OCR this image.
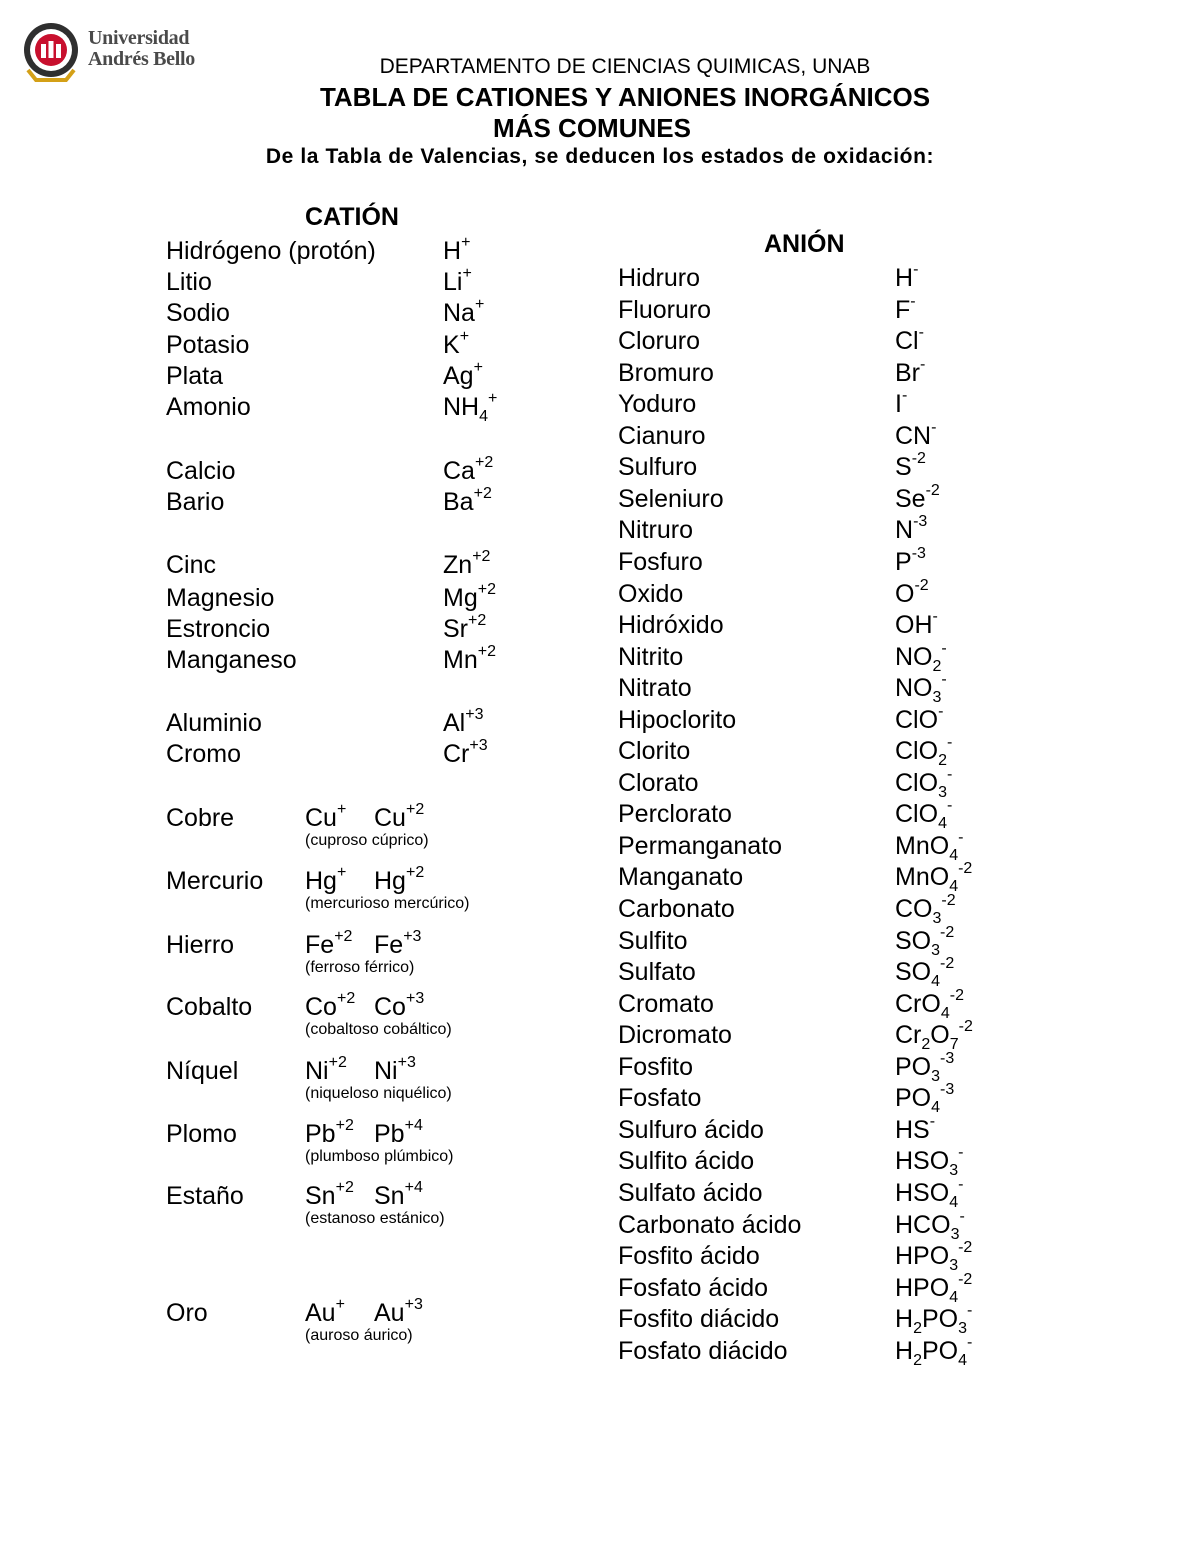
Universidad
Andrés Bello	DEPARTAMENTO DE CIENCIAS QUIMICAS, UNAB
TABLA DE CATIONES Y ANIONES INORGÁNICOS
MÁS COMUNES
De la Tabla de Valencias, se deducen los estados de oxidación:
CATIÓN
ANIÓN
Hidrógeno (protón)	H+
Litio	Li+
Sodio	Na+
Potasio	K+
Plata	Ag+
Amonio	$NH_4^+$
Calcio	$Ca^{+2}$
Bario	$Ba^{+2}$
Cinc	$Zn^{+2}$
Magnesio	$Mg^{+2}$
Estroncio	$Sr^{+2}$
Manganeso	$Mn^{+2}$
Aluminio	$Al^{+3}$
Cromo	$Cr^{+3}$
Cobre	Cu+ $Cu^{+2}$
(cuproso cúprico)
Mercurio Hg+ $Hg^{+2}$
(mercurioso mercúrico)
Hierro	$Fe^{+2}$ $Fe^{+3}$
(ferroso férrico)
Cobalto $Co^{+2}$ $Co^{+3}$
(cobaltoso cobáltico)
Níquel	$Ni^{+2}$ $Ni^{+3}$
(niqueloso niquélico)
Plomo	$Pb^{+2}$ $Pb^{+4}$
(plumboso plúmbico)
Estaño $Sn^{+2}$ $Sn^{+4}$
(estanoso estánico)
Oro	Au+ $Au^{+3}$
(auroso áurico)
Hidruro	H-
Fluoruro	F-
Cloruro	Cl-
Bromuro	Br-
Yoduro	I-
Cianuro	CN-
Sulfuro	$S^{-2}$
Seleniuro	$Se^{-2}$
Nitruro	$N^{-3}$
Fosfuro	$P^{-3}$
Oxido	$O^{-2}$
Hidróxido	OH-
Nitrito	$NO_2^-$
Nitrato	$NO_3^-$
Hipoclorito	ClO-
Clorito	ClO$_2$-
Clorato	ClO$_3$-
Perclorato	ClO$_4$-
Permanganato	MnO$_4$-
Manganato	MnO$_4^{-2}$
Carbonato	$CO_3^{-2}$
Sulfito	$SO_3^{-2}$
Sulfato	$SO_4^{-2}$
Cromato	CrO$_4^{-2}$
Dicromato	$Cr_2O_7^{-2}$
Fosfito	$PO_3^{-3}$
Fosfato	$PO_4^{-3}$
Sulfuro ácido	HS-
Sulfito ácido	$HSO_3^-$
Sulfato ácido	$HSO_4^-$
Carbonato ácido	$HCO_3^-$
Fosfito ácido	$HPO_3^{-2}$
Fosfato ácido	$HPO_4^{-2}$
Fosfito diácido	$H_2PO_3^-$
Fosfato diácido	$H_2PO_4^-$
